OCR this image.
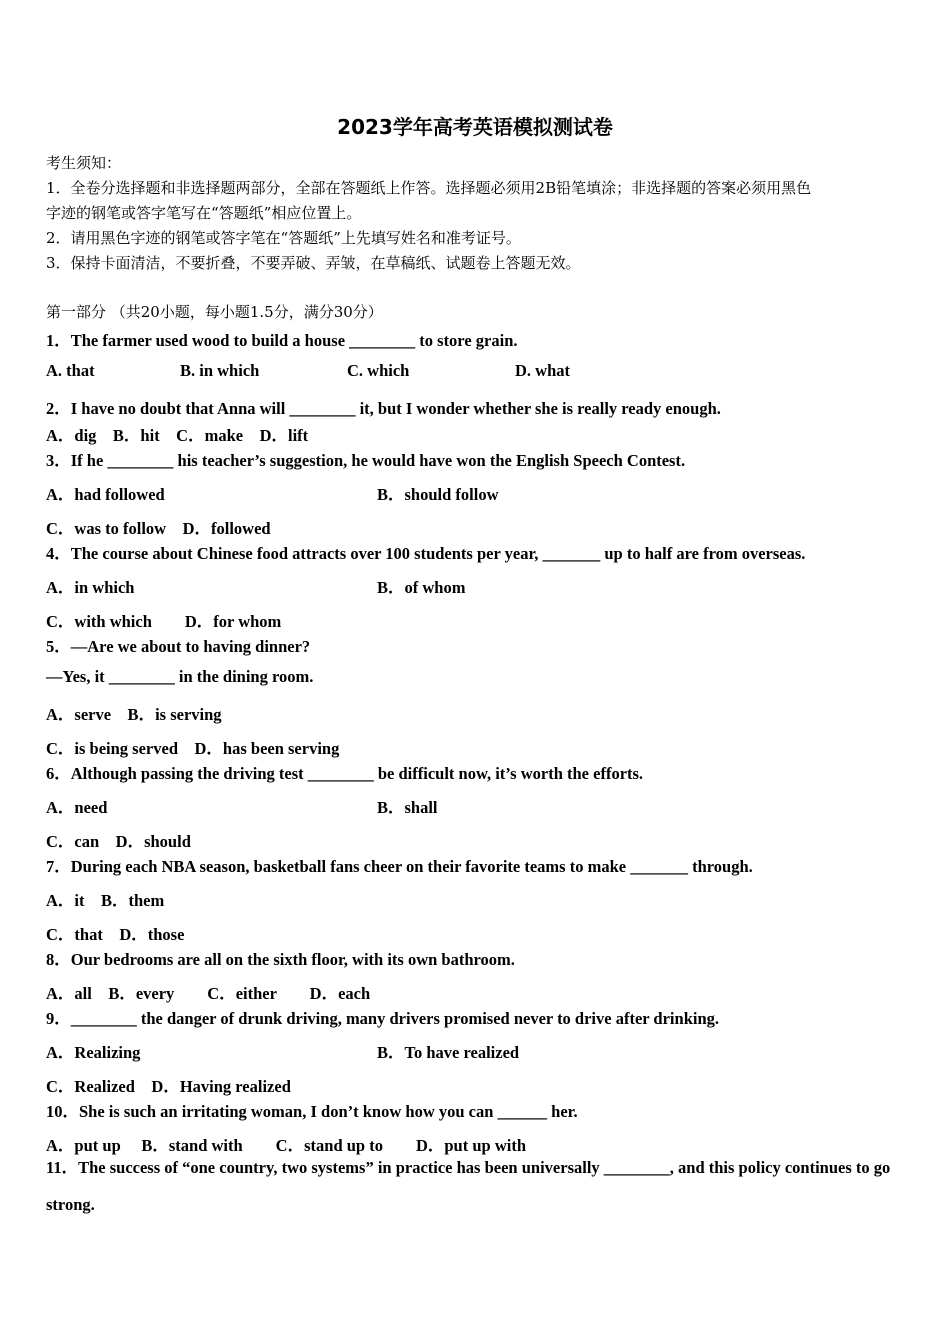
2023学年高考英语模拟测试卷
考生须知：
1．全卷分选择题和非选择题两部分，全部在答题纸上作答。选择题必须用2B铅笔填涂；非选择题的答案必须用黑色
字迹的钢笔或答字笔写在“答题纸”相应位置上。
2．请用黑色字迹的钢笔或答字笔在“答题纸”上先填写姓名和准考证号。
3．保持卡面清洁，不要折叠，不要弄破、弄皱，在草稿纸、试题卷上答题无效。
第一部分 （共20小题，每小题1.5分，满分30分）
1．The farmer used wood to build a house ________ to store grain.
A. that	B. in which	C. which	D. what
2．I have no doubt that Anna will ________ it, but I wonder whether she is really ready enough.
A．dig　B．hit　C．make　D．lift
3．If he ________ his teacher’s suggestion, he would have won the English Speech Contest.
A．had followed	B．should follow
C．was to follow　D．followed
4．The course about Chinese food attracts over 100 students per year, _______ up to half are from overseas.
A．in which	B．of whom
C．with which　　D．for whom
5．—Are we about to having dinner?
—Yes, it ________ in the dining room.
A．serve　B．is serving
C．is being served　D．has been serving
6．Although passing the driving test ________ be difficult now, it’s worth the efforts.
A．need	B．shall
C．can　D．should
7．During each NBA season, basketball fans cheer on their favorite teams to make _______ through.
A．it　B．them
C．that　D．those
8．Our bedrooms are all on the sixth floor, with its own bathroom.
A．all　B．every　　C．either　　D．each
9．________ the danger of drunk driving, many drivers promised never to drive after drinking.
A．Realizing	B．To have realized
C．Realized　D．Having realized
10．She is such an irritating woman, I don’t know how you can ______ her.
A．put up　 B．stand with　　C．stand up to　　D．put up with
11．The success of “one country, two systems” in practice has been universally ________, and this policy continues to go strong.
